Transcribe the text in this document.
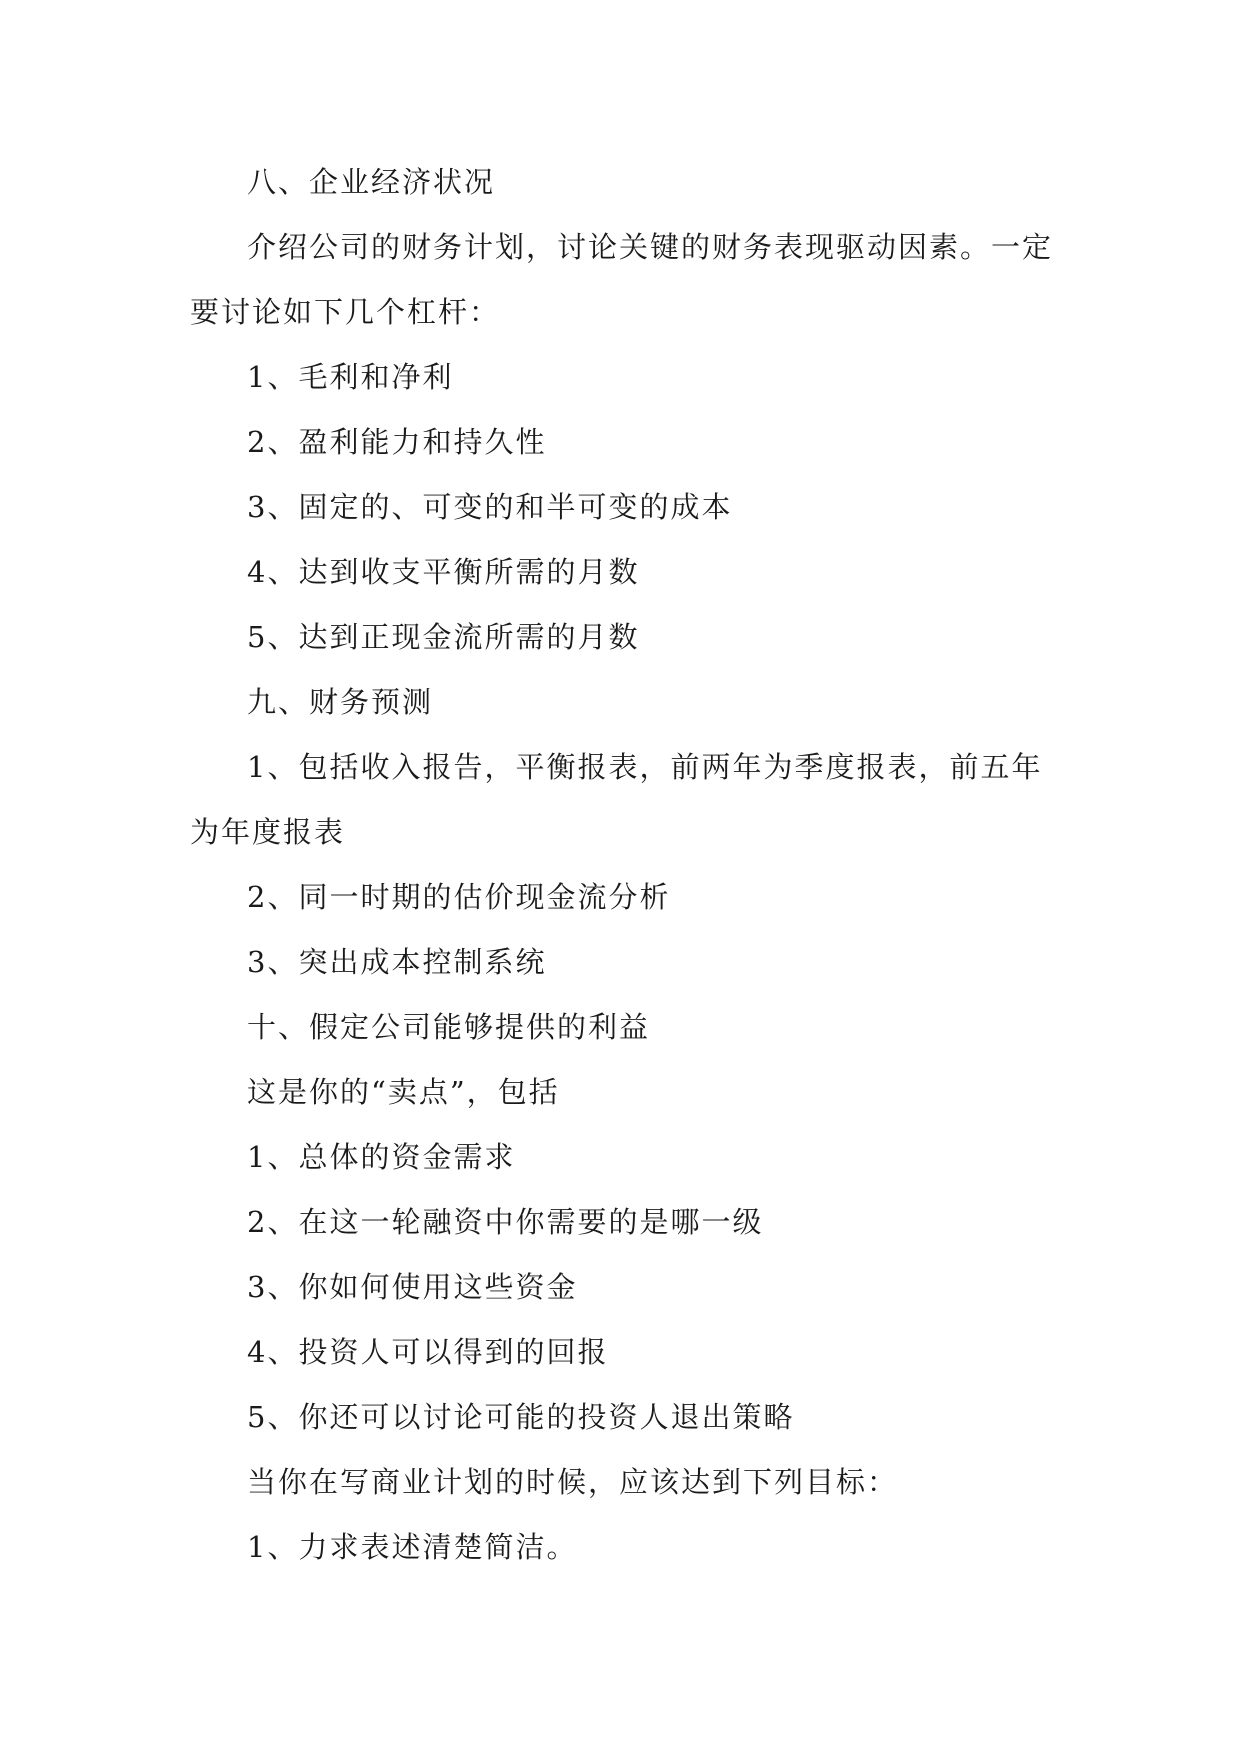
八、企业经济状况

介绍公司的财务计划，讨论关键的财务表现驱动因素。一定要讨论如下几个杠杆：

1、毛利和净利

2、盈利能力和持久性

3、固定的、可变的和半可变的成本

4、达到收支平衡所需的月数

5、达到正现金流所需的月数

九、财务预测

1、包括收入报告，平衡报表，前两年为季度报表，前五年为年度报表

2、同一时期的估价现金流分析

3、突出成本控制系统

十、假定公司能够提供的利益

这是你的“卖点”，包括

1、总体的资金需求

2、在这一轮融资中你需要的是哪一级

3、你如何使用这些资金

4、投资人可以得到的回报

5、你还可以讨论可能的投资人退出策略

当你在写商业计划的时候，应该达到下列目标：

1、力求表述清楚简洁。
